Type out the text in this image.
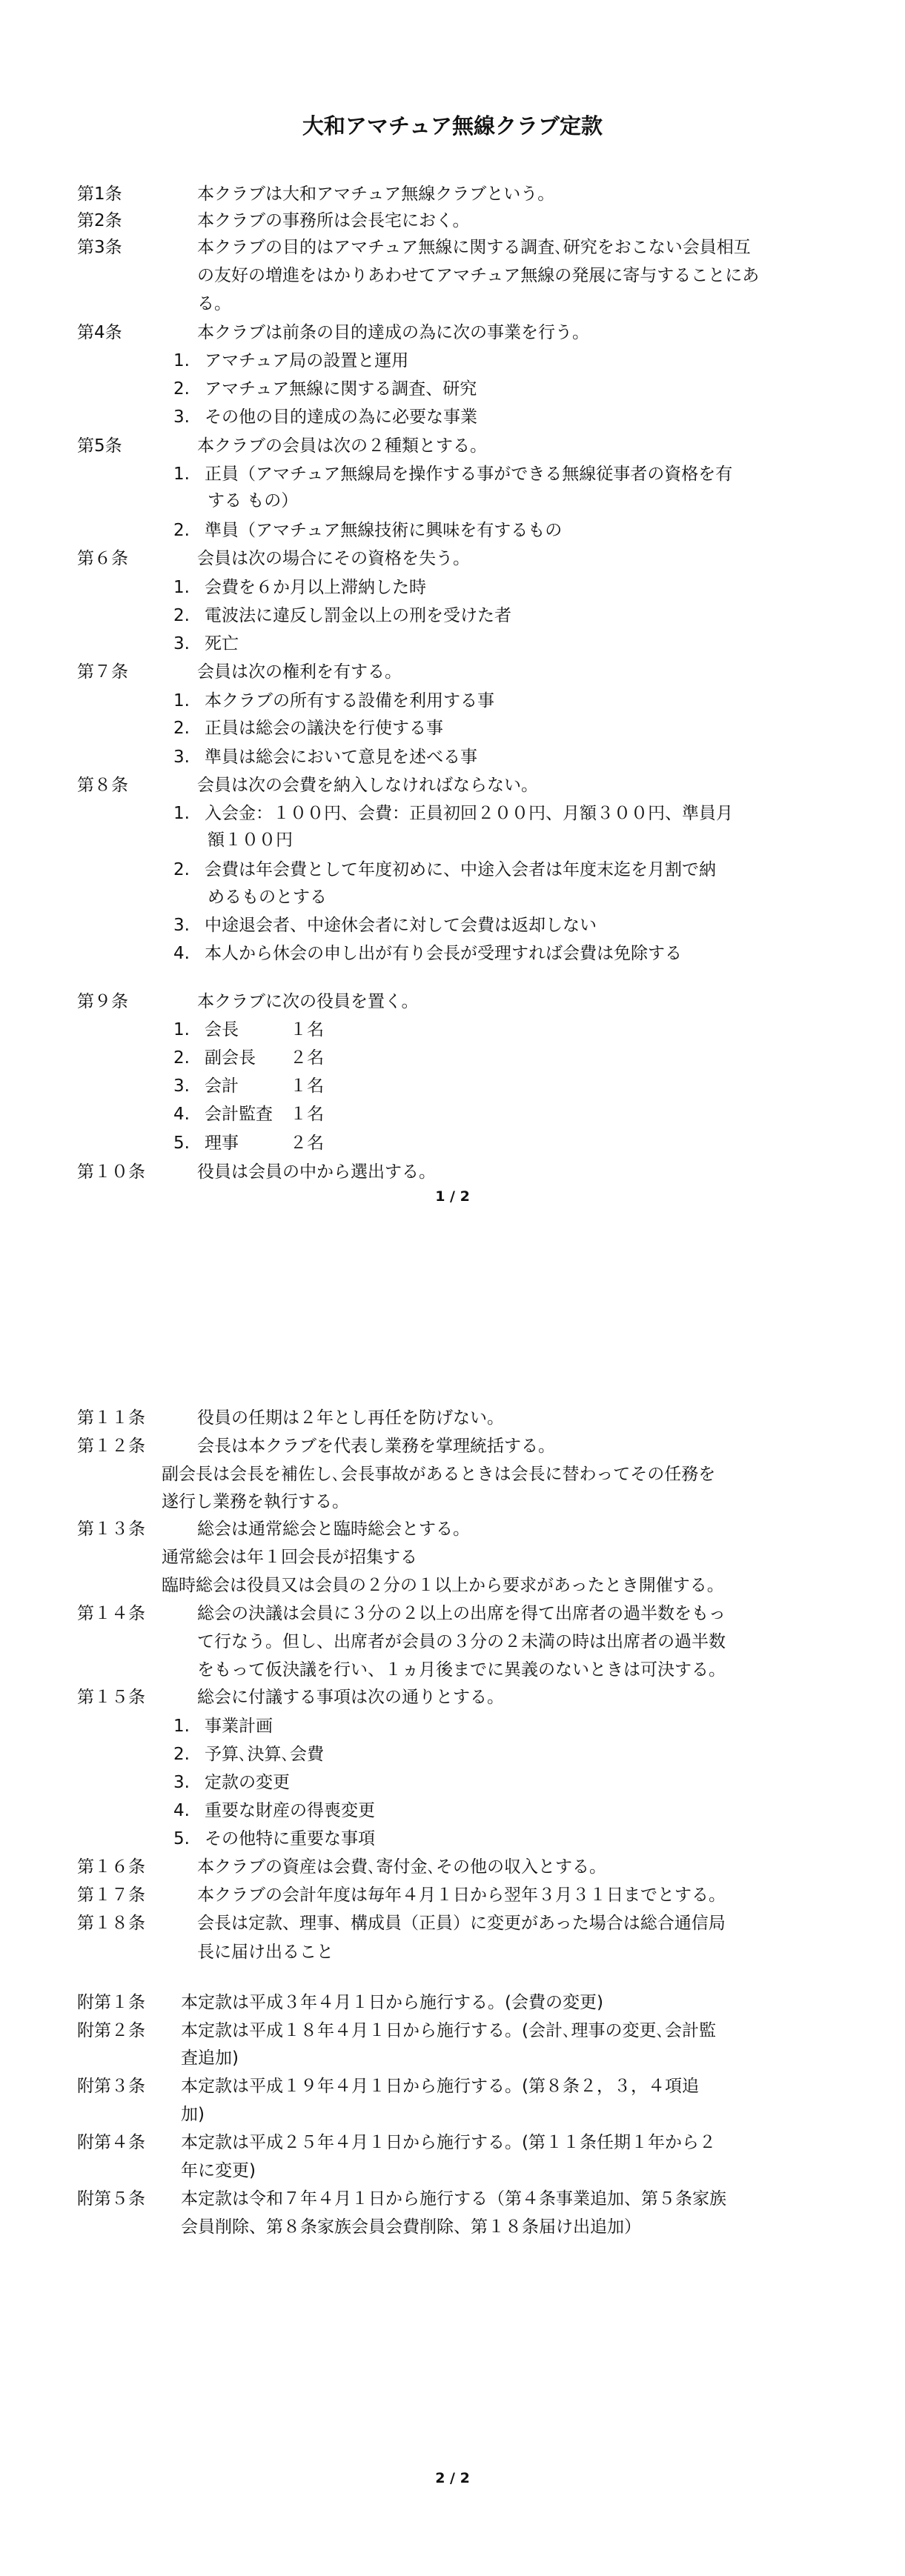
大和アマチュア無線クラブ定款
第1条	本クラブは大和アマチュア無線クラブという。
第2条	本クラブの事務所は会長宅におく。
第3条	本クラブの目的はアマチュア無線に関する調査､研究をおこない会員相互
の友好の増進をはかりあわせてアマチュア無線の発展に寄与することにあ
る。
第4条	本クラブは前条の目的達成の為に次の事業を行う。
1. アマチュア局の設置と運用
2. アマチュア無線に関する調査、研究
3. その他の目的達成の為に必要な事業
第5条	本クラブの会員は次の２種類とする。
1. 正員（アマチュア無線局を操作する事ができる無線従事者の資格を有
する もの）
2. 準員（アマチュア無線技術に興味を有するもの
第６条	会員は次の場合にその資格を失う。
1. 会費を６か月以上滞納した時
2. 電波法に違反し罰金以上の刑を受けた者
3. 死亡
第７条	会員は次の権利を有する。
1. 本クラブの所有する設備を利用する事
2. 正員は総会の議決を行使する事
3. 準員は総会において意見を述べる事
第８条	会員は次の会費を納入しなければならない。
1. 入会金：１００円、会費：正員初回２００円、月額３００円、準員月
額１００円
2. 会費は年会費として年度初めに、中途入会者は年度末迄を月割で納
めるものとする
3. 中途退会者、中途休会者に対して会費は返却しない
4. 本人から休会の申し出が有り会長が受理すれば会費は免除する
第９条	本クラブに次の役員を置く。
1. 会長　　　１名
2. 副会長　　２名
3. 会計　　　１名
4. 会計監査　１名
5. 理事　　　２名
第１０条	役員は会員の中から選出する。
1 / 2
第１１条	役員の任期は２年とし再任を防げない。
第１２条	会長は本クラブを代表し業務を掌理統括する。
副会長は会長を補佐し､会長事故があるときは会長に替わってその任務を
遂行し業務を執行する。
第１３条	総会は通常総会と臨時総会とする。
通常総会は年１回会長が招集する
臨時総会は役員又は会員の２分の１以上から要求があったとき開催する。
第１４条	総会の決議は会員に３分の２以上の出席を得て出席者の過半数をもっ
て行なう。但し、出席者が会員の３分の２未満の時は出席者の過半数
をもって仮決議を行い、１ヵ月後までに異義のないときは可決する。
第１５条	総会に付議する事項は次の通りとする。
1. 事業計画
2. 予算､決算､会費
3. 定款の変更
4. 重要な財産の得喪変更
5. その他特に重要な事項
第１６条	本クラブの資産は会費､寄付金､その他の収入とする。
第１７条	本クラブの会計年度は毎年４月１日から翌年３月３１日までとする。
第１８条	会長は定款、理事、構成員（正員）に変更があった場合は総合通信局
長に届け出ること
附第１条 本定款は平成３年４月１日から施行する。(会費の変更)
附第２条 本定款は平成１８年４月１日から施行する。(会計､理事の変更､会計監
査追加)
附第３条 本定款は平成１９年４月１日から施行する。(第８条２，３，４項追
加)
附第４条 本定款は平成２５年４月１日から施行する。(第１１条任期１年から２
年に変更)
附第５条 本定款は令和７年４月１日から施行する（第４条事業追加、第５条家族
会員削除、第８条家族会員会費削除、第１８条届け出追加）
2 / 2
